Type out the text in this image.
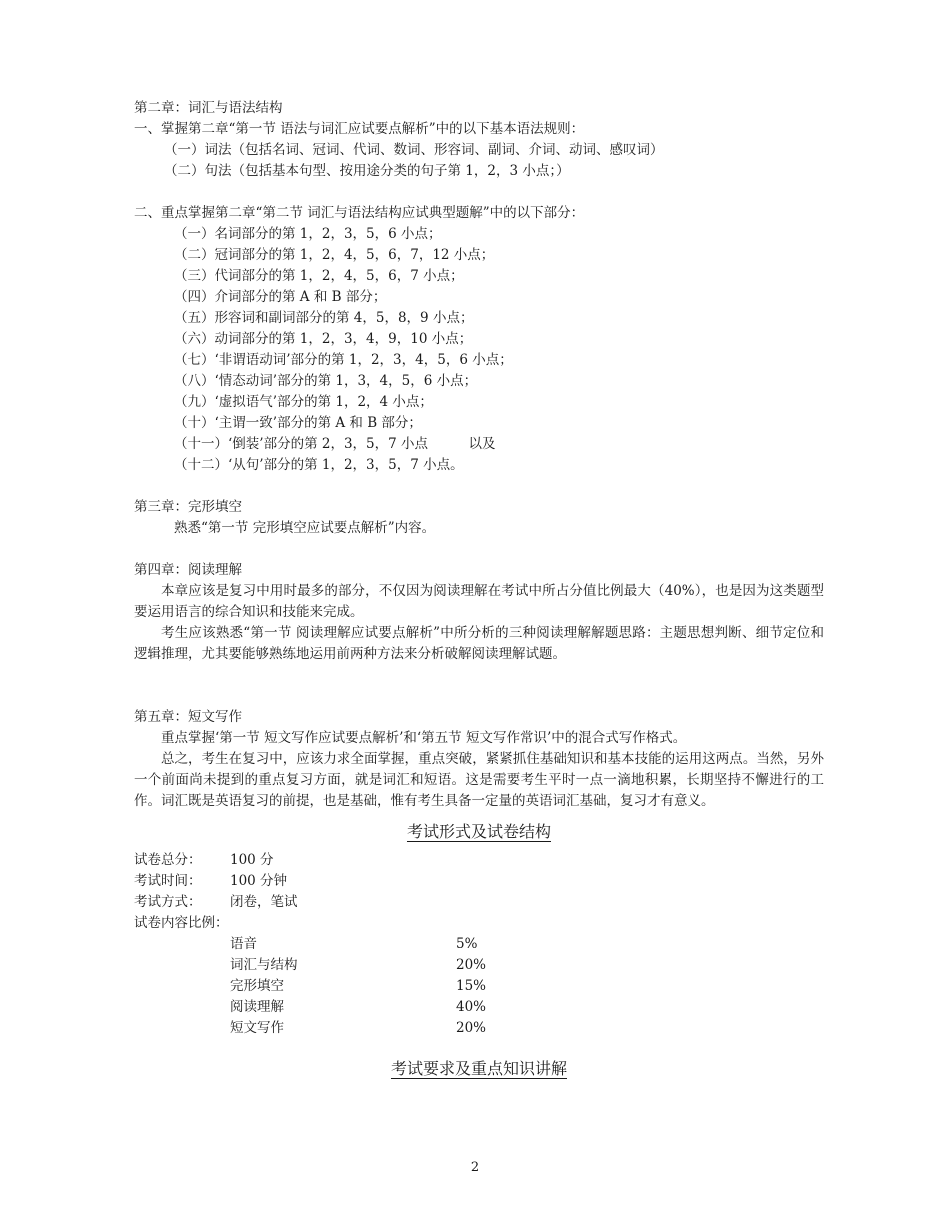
第二章：词汇与语法结构
一、掌握第二章“第一节 语法与词汇应试要点解析”中的以下基本语法规则：
（一）词法（包括名词、冠词、代词、数词、形容词、副词、介词、动词、感叹词）
（二）句法（包括基本句型、按用途分类的句子第 1，2，3 小点；）
二、重点掌握第二章“第二节 词汇与语法结构应试典型题解”中的以下部分：
（一）名词部分的第 1，2，3，5，6 小点；
（二）冠词部分的第 1，2，4，5，6，7，12 小点；
（三）代词部分的第 1，2，4，5，6，7 小点；
（四）介词部分的第 A 和 B 部分；
（五）形容词和副词部分的第 4，5，8，9 小点；
（六）动词部分的第 1，2，3，4，9，10 小点；
（七）‘非谓语动词’部分的第 1，2，3，4，5，6 小点；
（八）‘情态动词’部分的第 1，3，4，5，6 小点；
（九）‘虚拟语气’部分的第 1，2，4 小点；
（十）‘主谓一致’部分的第 A 和 B 部分；
（十一）‘倒装’部分的第 2，3，5，7 小点　　　以及
（十二）‘从句’部分的第 1，2，3，5，7 小点。
第三章：完形填空
熟悉“第一节 完形填空应试要点解析”内容。
第四章：阅读理解
本章应该是复习中用时最多的部分，不仅因为阅读理解在考试中所占分值比例最大（40%），也是因为这类题型要运用语言的综合知识和技能来完成。
考生应该熟悉“第一节 阅读理解应试要点解析”中所分析的三种阅读理解解题思路：主题思想判断、细节定位和逻辑推理，尤其要能够熟练地运用前两种方法来分析破解阅读理解试题。
第五章：短文写作
重点掌握‘第一节 短文写作应试要点解析’和‘第五节 短文写作常识’中的混合式写作格式。
总之，考生在复习中，应该力求全面掌握，重点突破，紧紧抓住基础知识和基本技能的运用这两点。当然，另外一个前面尚未提到的重点复习方面，就是词汇和短语。这是需要考生平时一点一滴地积累，长期坚持不懈进行的工作。词汇既是英语复习的前提，也是基础，惟有考生具备一定量的英语词汇基础，复习才有意义。
考试形式及试卷结构
试卷总分：	100 分
考试时间：	100 分钟
考试方式：	闭卷，笔试
试卷内容比例：
语音	5%
词汇与结构	20%
完形填空	15%
阅读理解	40%
短文写作	20%
考试要求及重点知识讲解
2
